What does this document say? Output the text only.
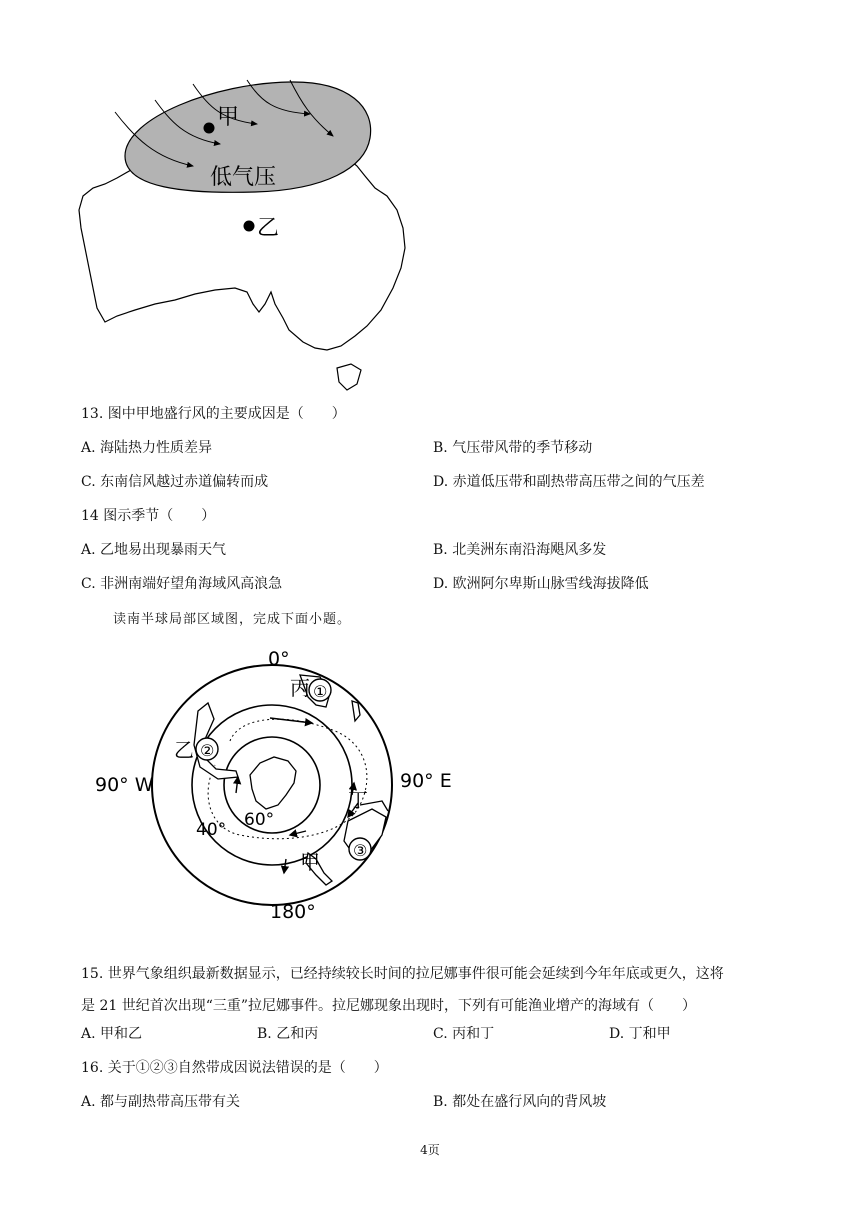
甲
低气压
乙
13. 图中甲地盛行风的主要成因是（　　）
A. 海陆热力性质差异	B. 气压带风带的季节移动
C. 东南信风越过赤道偏转而成	D. 赤道低压带和副热带高压带之间的气压差
14 图示季节（　　）
A. 乙地易出现暴雨天气	B. 北美洲东南沿海飓风多发
C. 非洲南端好望角海域风高浪急	D. 欧洲阿尔卑斯山脉雪线海拔降低
读南半球局部区域图，完成下面小题。
0°
90° W	90° E
180°
40° 60°
丙
乙
丁
甲
①
②
③
15. 世界气象组织最新数据显示，已经持续较长时间的拉尼娜事件很可能会延续到今年年底或更久，这将
是 21 世纪首次出现“三重”拉尼娜事件。拉尼娜现象出现时，下列有可能渔业增产的海域有（　　）
A. 甲和乙	B. 乙和丙	C. 丙和丁	D. 丁和甲
16. 关于①②③自然带成因说法错误的是（　　）
A. 都与副热带高压带有关	B. 都处在盛行风向的背风坡
4页
